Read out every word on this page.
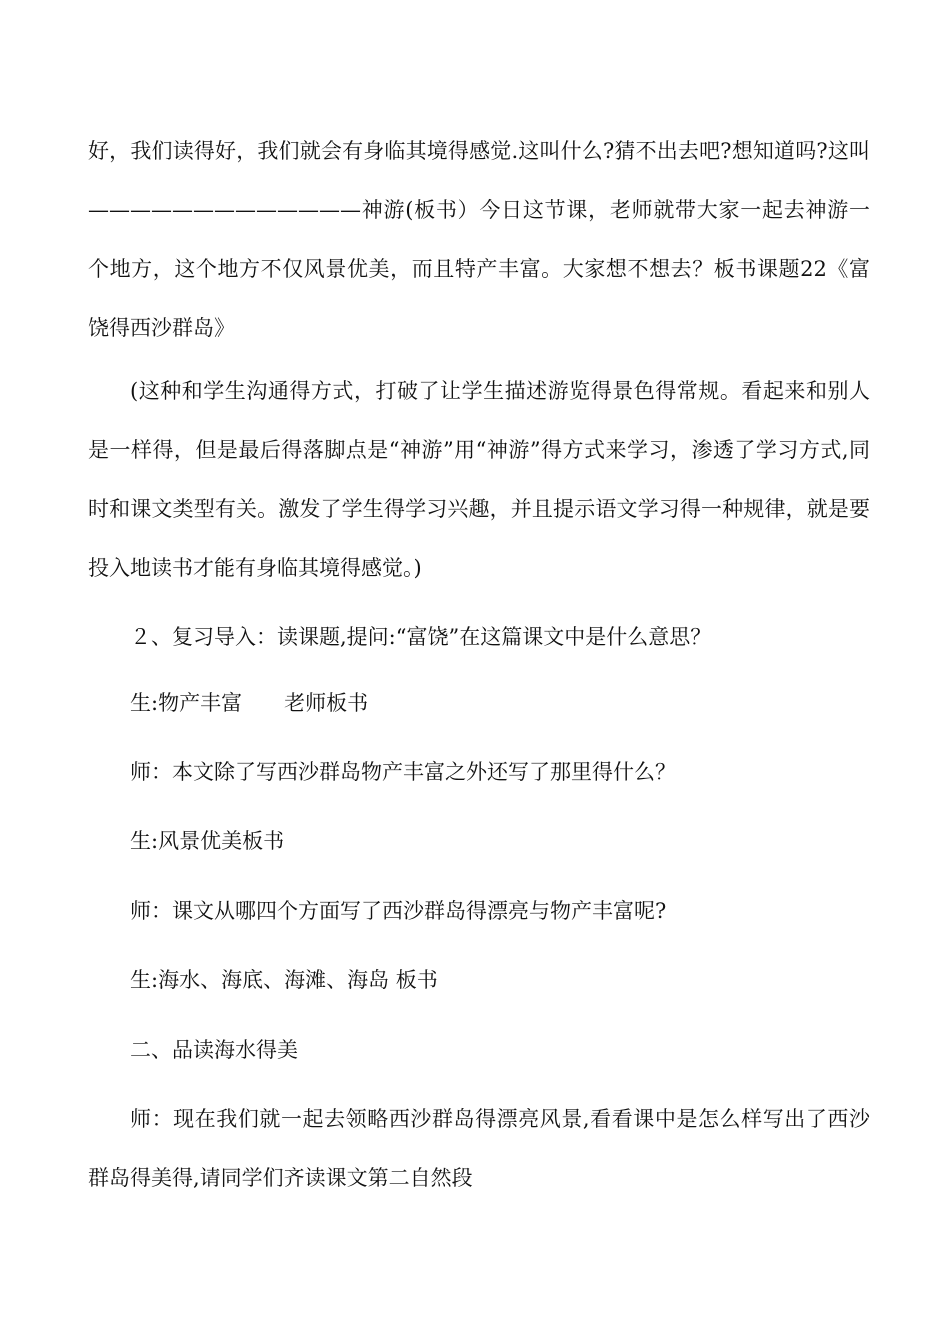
好，我们读得好，我们就会有身临其境得感觉.这叫什么?猜不出去吧?想知道吗?这叫—————————————神游(板书）今日这节课，老师就带大家一起去神游一个地方，这个地方不仅风景优美，而且特产丰富。大家想不想去？板书课题22《富饶得西沙群岛》

(这种和学生沟通得方式，打破了让学生描述游览得景色得常规。看起来和别人是一样得，但是最后得落脚点是“神游”用“神游”得方式来学习，渗透了学习方式,同时和课文类型有关。激发了学生得学习兴趣，并且提示语文学习得一种规律，就是要投入地读书才能有身临其境得感觉。)

２、复习导入：读课题,提问:“富饶”在这篇课文中是什么意思？

生:物产丰富　　老师板书

师：本文除了写西沙群岛物产丰富之外还写了那里得什么？

生:风景优美板书

师：课文从哪四个方面写了西沙群岛得漂亮与物产丰富呢?

生:海水、海底、海滩、海岛 板书

二、品读海水得美

师：现在我们就一起去领略西沙群岛得漂亮风景,看看课中是怎么样写出了西沙群岛得美得,请同学们齐读课文第二自然段
